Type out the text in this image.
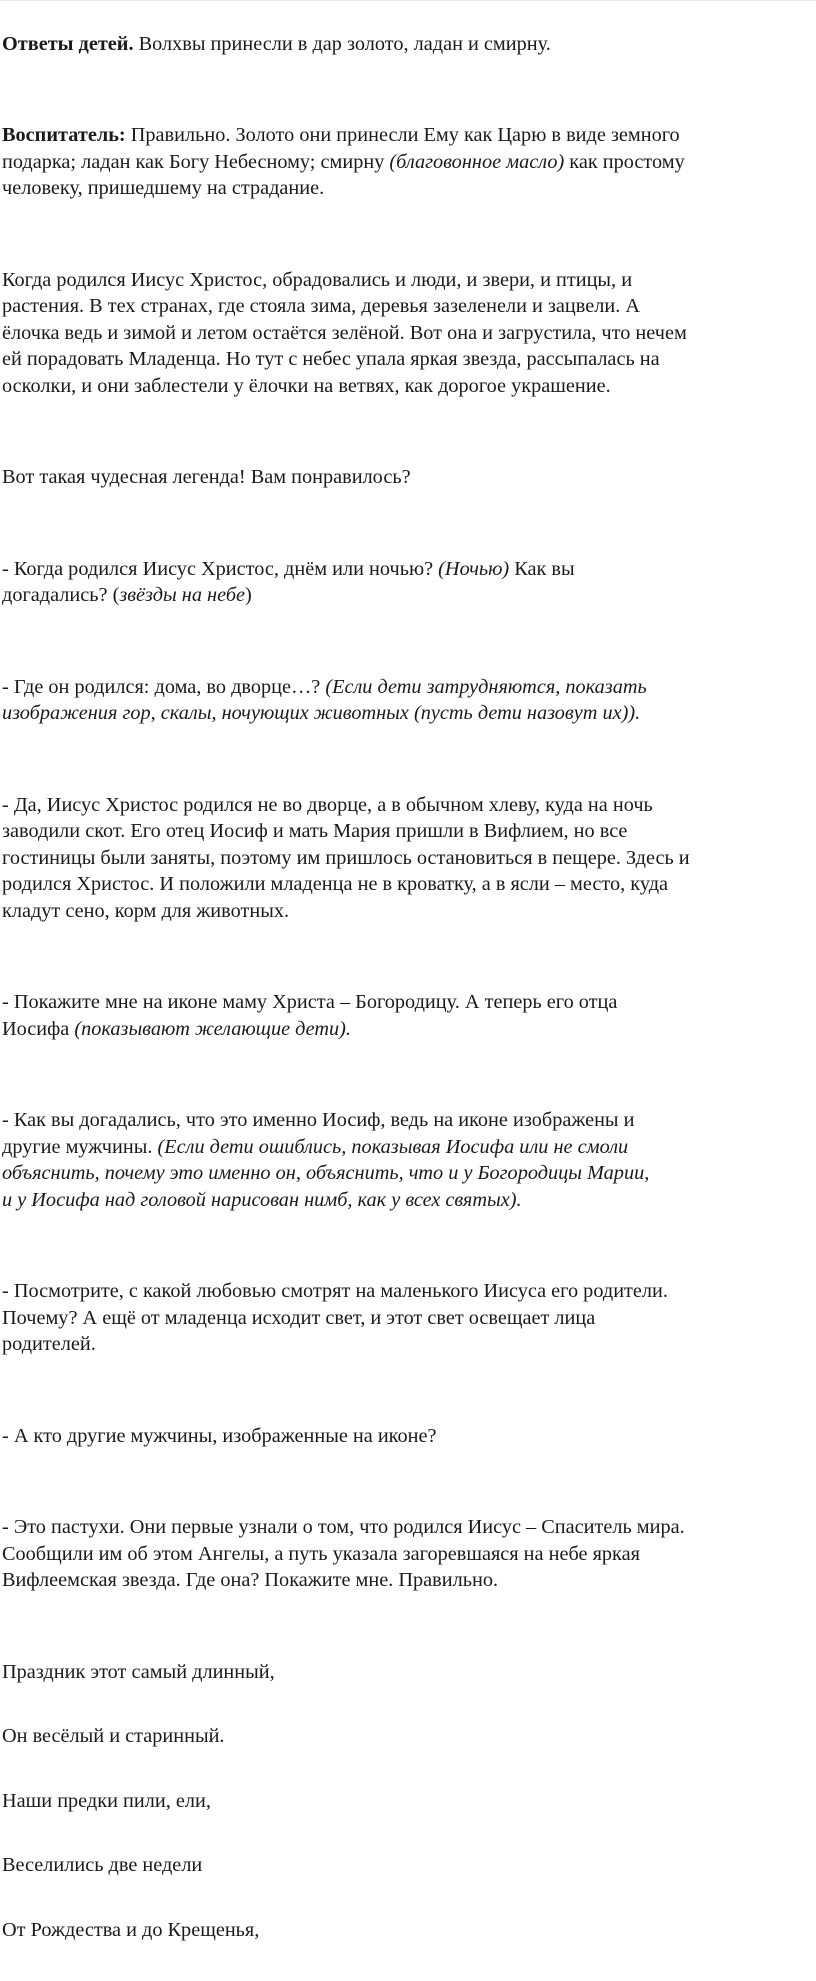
Ответы детей. Волхвы принесли в дар золото, ладан и смирну.

Воспитатель: Правильно. Золото они принесли Ему как Царю в виде земного
подарка; ладан как Богу Небесному; смирну (благовонное масло) как простому
человеку, пришедшему на страдание.

Когда родился Иисус Христос, обрадовались и люди, и звери, и птицы, и
растения. В тех странах, где стояла зима, деревья зазеленели и зацвели. А
ёлочка ведь и зимой и летом остаётся зелёной. Вот она и загрустила, что нечем
ей порадовать Младенца. Но тут с небес упала яркая звезда, рассыпалась на
осколки, и они заблестели у ёлочки на ветвях, как дорогое украшение.

Вот такая чудесная легенда! Вам понравилось?

- Когда родился Иисус Христос, днём или ночью? (Ночью) Как вы
догадались? (звёзды на небе)

- Где он родился: дома, во дворце…? (Если дети затрудняются, показать
изображения гор, скалы, ночующих животных (пусть дети назовут их)).

- Да, Иисус Христос родился не во дворце, а в обычном хлеву, куда на ночь
заводили скот. Его отец Иосиф и мать Мария пришли в Вифлием, но все
гостиницы были заняты, поэтому им пришлось остановиться в пещере. Здесь и
родился Христос. И положили младенца не в кроватку, а в ясли – место, куда
кладут сено, корм для животных.

- Покажите мне на иконе маму Христа – Богородицу. А теперь его отца
Иосифа (показывают желающие дети).

- Как вы догадались, что это именно Иосиф, ведь на иконе изображены и
другие мужчины. (Если дети ошиблись, показывая Иосифа или не смоли
объяснить, почему это именно он, объяснить, что и у Богородицы Марии,
и у Иосифа над головой нарисован нимб, как у всех святых).

- Посмотрите, с какой любовью смотрят на маленького Иисуса его родители.
Почему? А ещё от младенца исходит свет, и этот свет освещает лица
родителей.

- А кто другие мужчины, изображенные на иконе?

- Это пастухи. Они первые узнали о том, что родился Иисус – Спаситель мира.
Сообщили им об этом Ангелы, а путь указала загоревшаяся на небе яркая
Вифлеемская звезда. Где она? Покажите мне. Правильно.

Праздник этот самый длинный,

Он весёлый и старинный.

Наши предки пили, ели,

Веселились две недели

От Рождества и до Крещенья,
